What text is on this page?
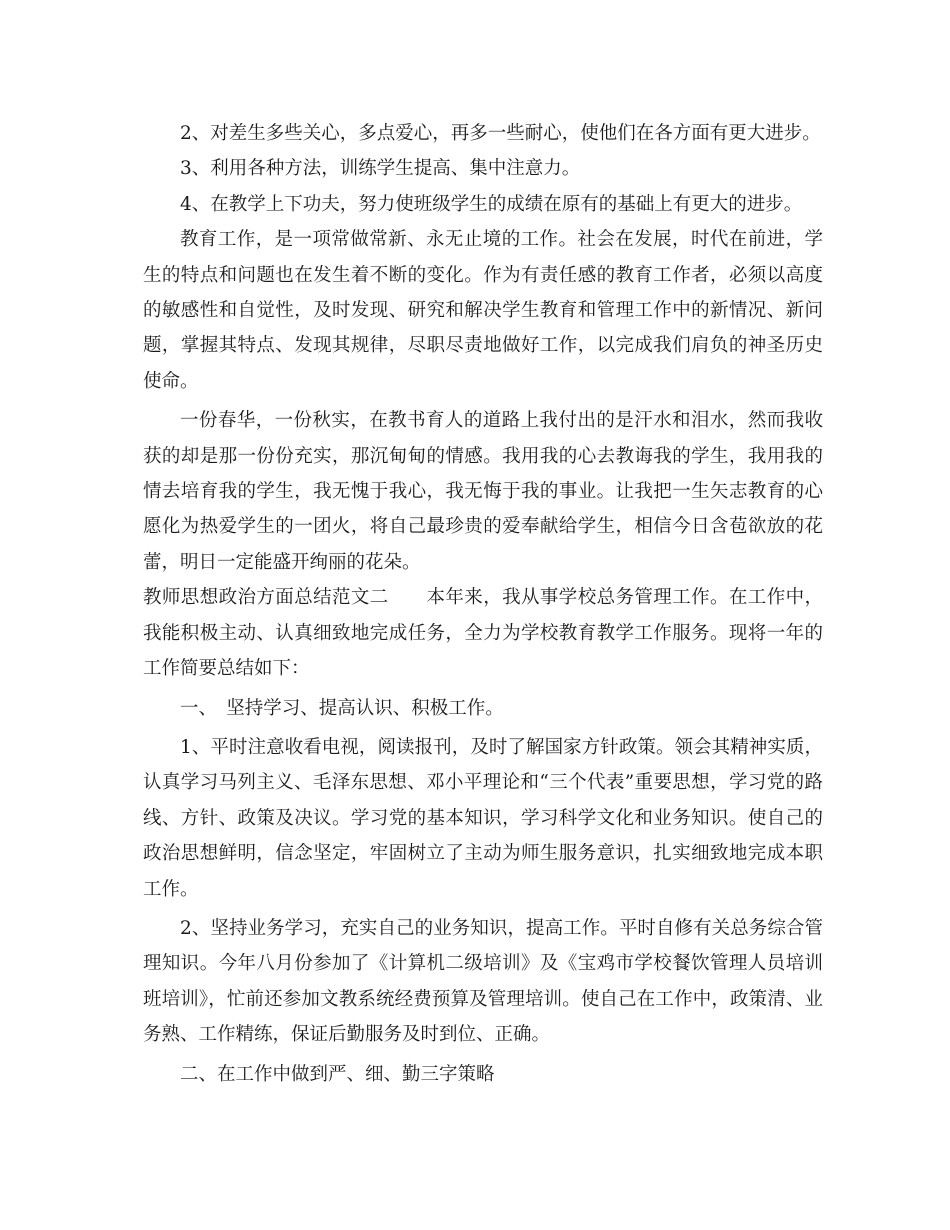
2、对差生多些关心，多点爱心，再多一些耐心，使他们在各方面有更大进步。

3、利用各种方法，训练学生提高、集中注意力。

4、在教学上下功夫，努力使班级学生的成绩在原有的基础上有更大的进步。

教育工作，是一项常做常新、永无止境的工作。社会在发展，时代在前进，学生的特点和问题也在发生着不断的变化。作为有责任感的教育工作者，必须以高度的敏感性和自觉性，及时发现、研究和解决学生教育和管理工作中的新情况、新问题，掌握其特点、发现其规律，尽职尽责地做好工作，以完成我们肩负的神圣历史使命。

一份春华，一份秋实，在教书育人的道路上我付出的是汗水和泪水，然而我收获的却是那一份份充实，那沉甸甸的情感。我用我的心去教诲我的学生，我用我的情去培育我的学生，我无愧于我心，我无悔于我的事业。让我把一生矢志教育的心愿化为热爱学生的一团火，将自己最珍贵的爱奉献给学生，相信今日含苞欲放的花蕾，明日一定能盛开绚丽的花朵。

教师思想政治方面总结范文二　　本年来，我从事学校总务管理工作。在工作中，我能积极主动、认真细致地完成任务，全力为学校教育教学工作服务。现将一年的工作简要总结如下：

一、　坚持学习、提高认识、积极工作。

1、平时注意收看电视，阅读报刊，及时了解国家方针政策。领会其精神实质，认真学习马列主义、毛泽东思想、邓小平理论和“三个代表”重要思想，学习党的路线、方针、政策及决议。学习党的基本知识，学习科学文化和业务知识。使自己的政治思想鲜明，信念坚定，牢固树立了主动为师生服务意识，扎实细致地完成本职工作。

2、坚持业务学习，充实自己的业务知识，提高工作。平时自修有关总务综合管理知识。今年八月份参加了《计算机二级培训》及《宝鸡市学校餐饮管理人员培训班培训》，忙前还参加文教系统经费预算及管理培训。使自己在工作中，政策清、业务熟、工作精练，保证后勤服务及时到位、正确。

二、在工作中做到严、细、勤三字策略
